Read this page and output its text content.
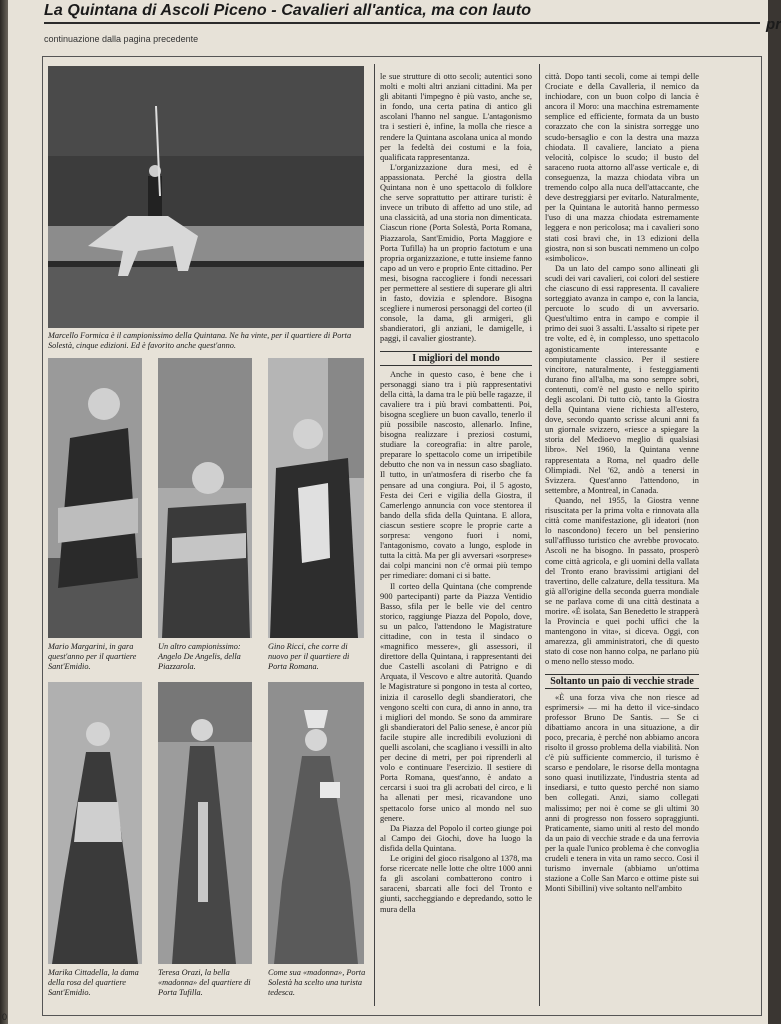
La Quintana di Ascoli Piceno - Cavalieri all'antica, ma con lauto
pr
continuazione dalla pagina precedente
Marcello Formica è il campionissimo della Quintana. Ne ha vinte, per il quartiere di Porta Solestà, cinque edizioni. Ed è favorito anche quest'anno.
Mario Margarini, in gara quest'anno per il quartiere Sant'Emidio.
Un altro campionissimo: Angelo De Angelis, della Piazzarola.
Gino Ricci, che corre di nuovo per il quartiere di Porta Romana.
Marika Cittadella, la dama della rosa del quartiere Sant'Emidio.
Teresa Orazi, la bella «madonna» del quartiere di Porta Tufilla.
Come sua «madonna», Porta Solestà ha scelto una turista tedesca.

le sue strutture di otto secoli; autentici sono molti e molti altri anziani cittadini. Ma per gli abitanti l'impegno è più vasto, anche se, in fondo, una certa patina di antico gli ascolani l'hanno nel sangue. L'antagonismo tra i sestieri è, infine, la molla che riesce a rendere la Quintana ascolana unica al mondo per la fedeltà dei costumi e la foia, qualificata rappresentanza.

L'organizzazione dura mesi, ed è appassionata. Perché la giostra della Quintana non è uno spettacolo di folklore che serve soprattutto per attirare turisti: è invece un tributo di affetto ad uno stile, ad una classicità, ad una storia non dimenticata. Ciascun rione (Porta Solestà, Porta Romana, Piazzarola, Sant'Emidio, Porta Maggiore e Porta Tufilla) ha un proprio factotum e una propria organizzazione, e tutte insieme fanno capo ad un vero e proprio Ente cittadino. Per mesi, bisogna raccogliere i fondi necessari per permettere al sestiere di superare gli altri in fasto, dovizia e splendore. Bisogna scegliere i numerosi personaggi del corteo (il console, la dama, gli armigeri, gli sbandieratori, gli anziani, le damigelle, i paggi, il cavalier giostrante).

I migliori del mondo

Anche in questo caso, è bene che i personaggi siano tra i più rappresentativi della città, la dama tra le più belle ragazze, il cavaliere tra i più bravi combattenti. Poi, bisogna scegliere un buon cavallo, tenerlo il più possibile nascosto, allenarlo. Infine, bisogna realizzare i preziosi costumi, studiare la coreografia: in altre parole, preparare lo spettacolo come un irripetibile debutto che non va in nessun caso sbagliato. Il tutto, in un'atmosfera di riserbo che fa pensare ad una congiura. Poi, il 5 agosto, Festa dei Ceri e vigilia della Giostra, il Camerlengo annuncia con voce stentorea il bando della sfida della Quintana. E allora, ciascun sestiere scopre le proprie carte a sorpresa: vengono fuori i nomi, l'antagonismo, covato a lungo, esplode in tutta la città. Ma per gli avversari «sorprese» dai colpi mancini non c'è ormai più tempo per rimediare: domani ci si batte.

Il corteo della Quintana (che comprende 900 partecipanti) parte da Piazza Ventidio Basso, sfila per le belle vie del centro storico, raggiunge Piazza del Popolo, dove, su un palco, l'attendono le Magistrature cittadine, con in testa il sindaco o «magnifico messere», gli assessori, il direttore della Quintana, i rappresentanti dei due Castelli ascolani di Patrigno e di Arquata, il Vescovo e altre autorità. Quando le Magistrature si pongono in testa al corteo, inizia il carosello degli sbandieratori, che vengono scelti con cura, di anno in anno, tra i migliori del mondo. Se sono da ammirare gli sbandieratori del Palio senese, è ancor più facile stupire alle incredibili evoluzioni di quelli ascolani, che scagliano i vessilli in alto per decine di metri, per poi riprenderli al volo e continuare l'esercizio. Il sestiere di Porta Romana, quest'anno, è andato a cercarsi i suoi tra gli acrobati del circo, e li ha allenati per mesi, ricavandone uno spettacolo forse unico al mondo nel suo genere.

Da Piazza del Popolo il corteo giunge poi al Campo dei Giochi, dove ha luogo la disfida della Quintana.

Le origini del gioco risalgono al 1378, ma forse ricercate nelle lotte che oltre 1000 anni fa gli ascolani combatterono contro i saraceni, sbarcati alle foci del Tronto e giunti, saccheggiando e depredando, sotto le mura della

città. Dopo tanti secoli, come ai tempi delle Crociate e della Cavalleria, il nemico da inchiodare, con un buon colpo di lancia è ancora il Moro: una macchina estremamente semplice ed efficiente, formata da un busto corazzato che con la sinistra sorregge uno scudo-bersaglio e con la destra una mazza chiodata. Il cavaliere, lanciato a piena velocità, colpisce lo scudo; il busto del saraceno ruota attorno all'asse verticale e, di conseguenza, la mazza chiodata vibra un tremendo colpo alla nuca dell'attaccante, che deve destreggiarsi per evitarlo. Naturalmente, per la Quintana le autorità hanno permesso l'uso di una mazza chiodata estremamente leggera e non pericolosa; ma i cavalieri sono stati così bravi che, in 13 edizioni della giostra, non si son buscati nemmeno un colpo «simbolico».

Da un lato del campo sono allineati gli scudi dei vari cavalieri, coi colori del sestiere che ciascuno di essi rappresenta. Il cavaliere sorteggiato avanza in campo e, con la lancia, percuote lo scudo di un avversario. Quest'ultimo entra in campo e compie il primo dei suoi 3 assalti. L'assalto si ripete per tre volte, ed è, in complesso, uno spettacolo agonisticamente interessante e compiutamente classico. Per il sestiere vincitore, naturalmente, i festeggiamenti durano fino all'alba, ma sono sempre sobri, contenuti, com'è nel gusto e nello spirito degli ascolani. Di tutto ciò, tanto la Giostra della Quintana viene richiesta all'estero, dove, secondo quanto scrisse alcuni anni fa un giornale svizzero, «riesce a spiegare la storia del Medioevo meglio di qualsiasi libro». Nel 1960, la Quintana venne rappresentata a Roma, nel quadro delle Olimpiadi. Nel '62, andò a tenersi in Svizzera. Quest'anno l'attendono, in settembre, a Montreal, in Canada.

Quando, nel 1955, la Giostra venne risuscitata per la prima volta e rinnovata alla città come manifestazione, gli ideatori (non lo nascondono) fecero un bel pensierino sull'afflusso turistico che avrebbe provocato. Ascoli ne ha bisogno. In passato, prosperò come città agricola, e gli uomini della vallata del Tronto erano bravissimi artigiani del travertino, delle calzature, della tessitura. Ma già all'origine della seconda guerra mondiale se ne parlava come di una città destinata a morire. «È isolata, San Benedetto le strapperà la Provincia e quei pochi uffici che la mantengono in vita», si diceva. Oggi, con amarezza, gli amministratori, che di questo stato di cose non hanno colpa, ne parlano più o meno nello stesso modo.

Soltanto un paio di vecchie strade

«È una forza viva che non riesce ad esprimersi» — mi ha detto il vice-sindaco professor Bruno De Santis. — Se ci dibattiamo ancora in una situazione, a dir poco, precaria, è perché non abbiamo ancora risolto il grosso problema della viabilità. Non c'è più sufficiente commercio, il turismo è scarso e pendolare, le risorse della montagna sono quasi inutilizzate, l'industria stenta ad insediarsi, e tutto questo perché non siamo ben collegati. Anzi, siamo collegati malissimo; per noi è come se gli ultimi 30 anni di progresso non fossero sopraggiunti. Praticamente, siamo uniti al resto del mondo da un paio di vecchie strade e da una ferrovia per la quale l'unico problema è che convoglia crudeli e tenera in vita un ramo secco. Cosi il turismo invernale (abbiamo un'ottima stazione a Colle San Marco e ottime piste sui Monti Sibillini) vive soltanto nell'ambito

0
